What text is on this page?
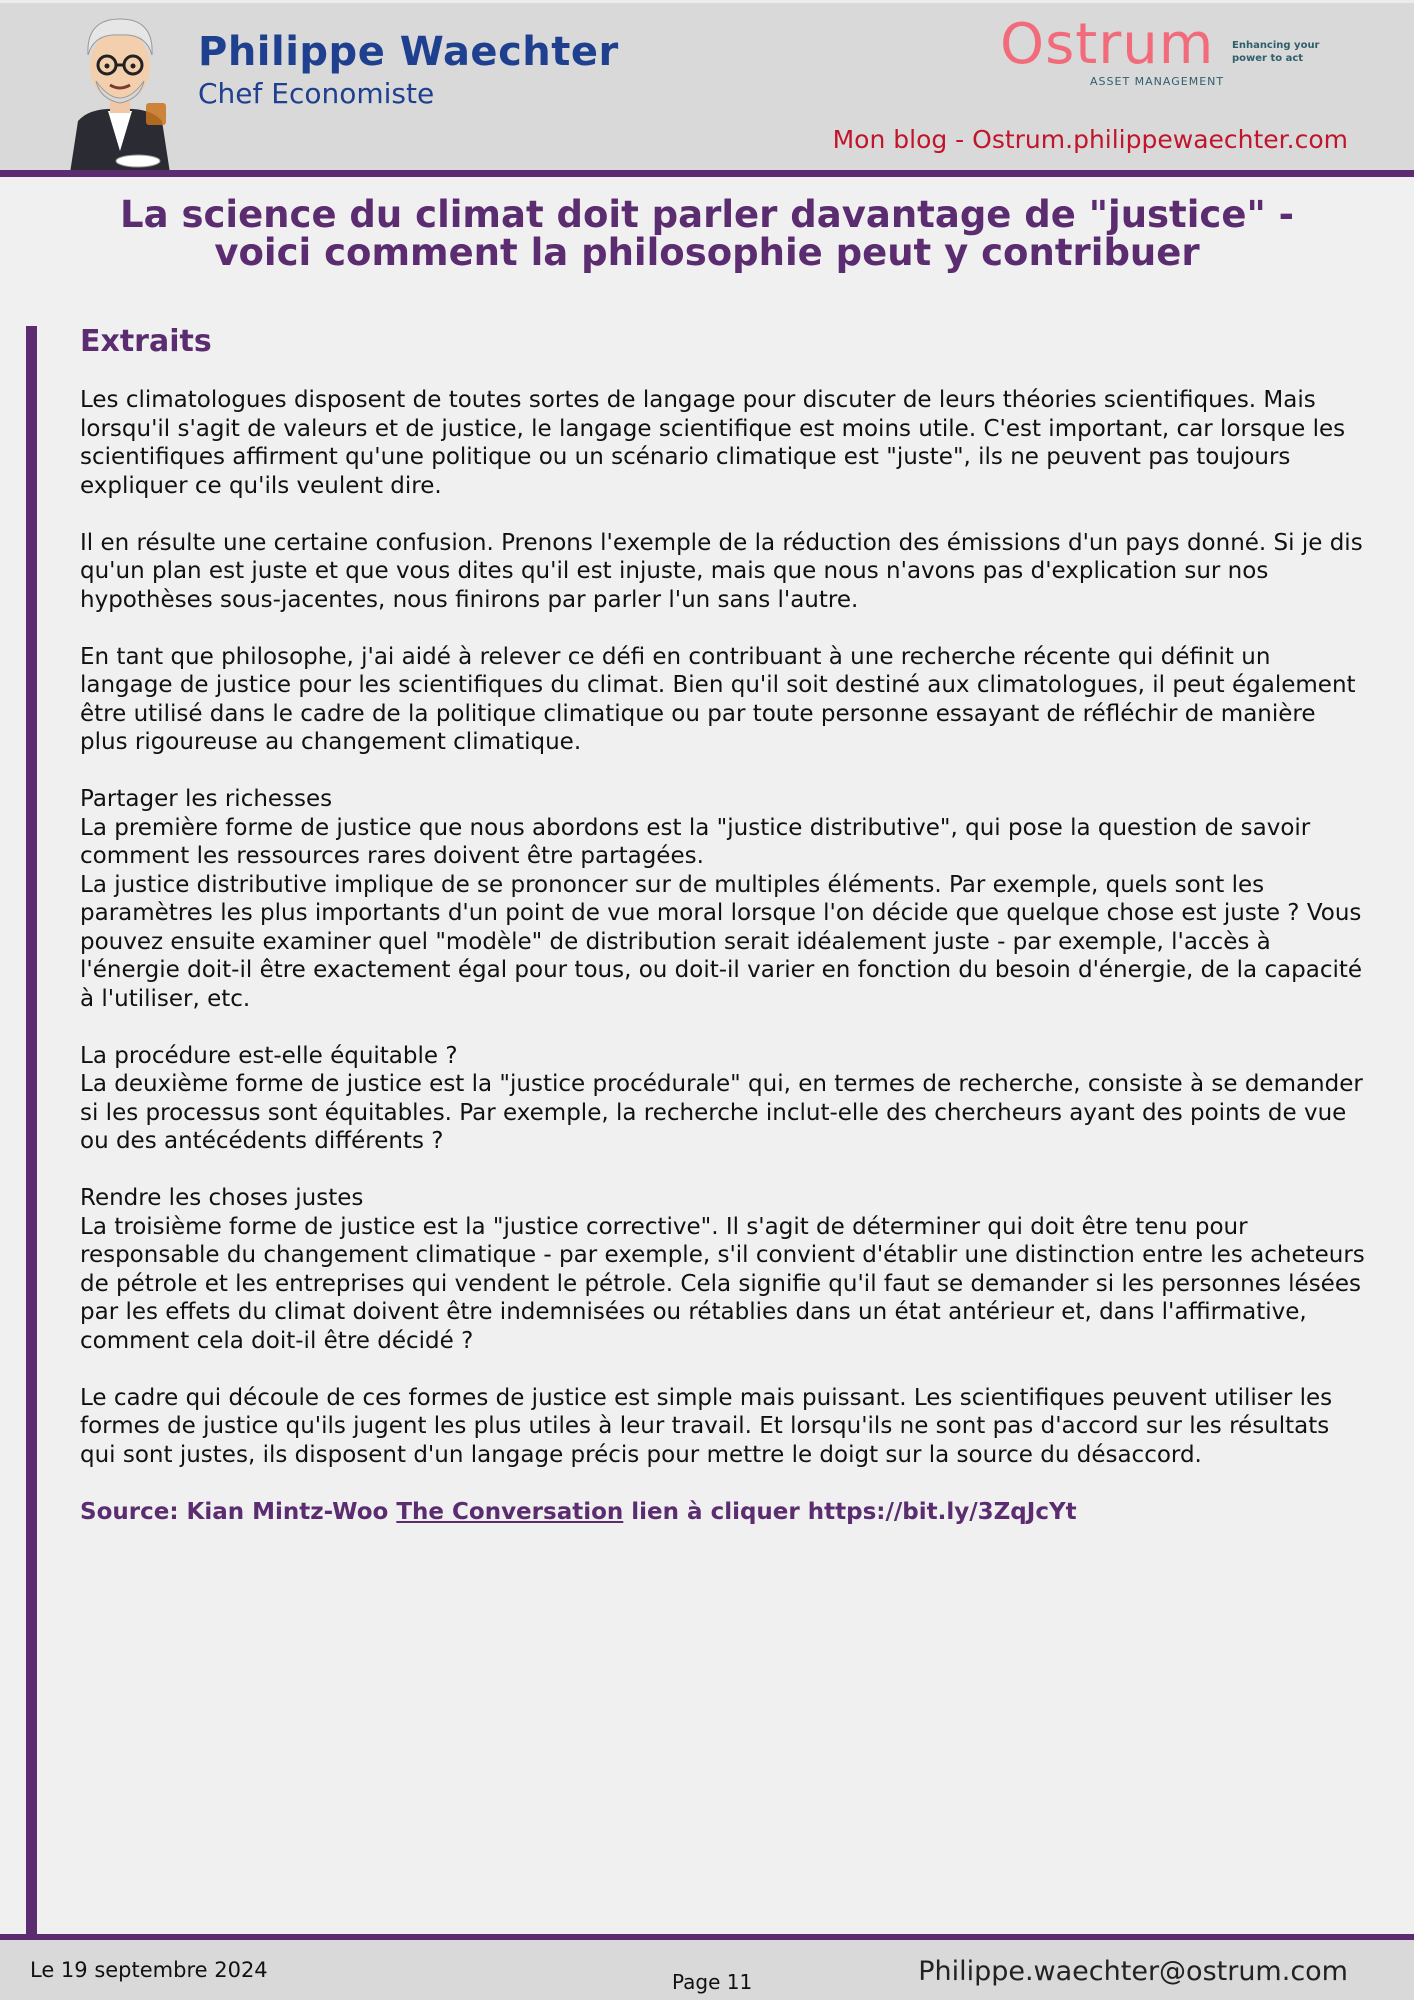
Philippe Waechter
Chef Economiste
Ostrum
ASSET MANAGEMENT
Enhancing your power to act
Mon blog - Ostrum.philippewaechter.com
La science du climat doit parler davantage de "justice" - voici comment la philosophie peut y contribuer
Extraits

Les climatologues disposent de toutes sortes de langage pour discuter de leurs théories scientifiques. Mais lorsqu'il s'agit de valeurs et de justice, le langage scientifique est moins utile. C'est important, car lorsque les scientifiques affirment qu'une politique ou un scénario climatique est "juste", ils ne peuvent pas toujours expliquer ce qu'ils veulent dire.

Il en résulte une certaine confusion. Prenons l'exemple de la réduction des émissions d'un pays donné. Si je dis qu'un plan est juste et que vous dites qu'il est injuste, mais que nous n'avons pas d'explication sur nos hypothèses sous-jacentes, nous finirons par parler l'un sans l'autre.

En tant que philosophe, j'ai aidé à relever ce défi en contribuant à une recherche récente qui définit un langage de justice pour les scientifiques du climat. Bien qu'il soit destiné aux climatologues, il peut également être utilisé dans le cadre de la politique climatique ou par toute personne essayant de réfléchir de manière plus rigoureuse au changement climatique.

Partager les richesses
La première forme de justice que nous abordons est la "justice distributive", qui pose la question de savoir comment les ressources rares doivent être partagées.
La justice distributive implique de se prononcer sur de multiples éléments. Par exemple, quels sont les paramètres les plus importants d'un point de vue moral lorsque l'on décide que quelque chose est juste ? Vous pouvez ensuite examiner quel "modèle" de distribution serait idéalement juste - par exemple, l'accès à l'énergie doit-il être exactement égal pour tous, ou doit-il varier en fonction du besoin d'énergie, de la capacité à l'utiliser, etc.

La procédure est-elle équitable ?
La deuxième forme de justice est la "justice procédurale" qui, en termes de recherche, consiste à se demander si les processus sont équitables. Par exemple, la recherche inclut-elle des chercheurs ayant des points de vue ou des antécédents différents ?

Rendre les choses justes
La troisième forme de justice est la "justice corrective". Il s'agit de déterminer qui doit être tenu pour responsable du changement climatique - par exemple, s'il convient d'établir une distinction entre les acheteurs de pétrole et les entreprises qui vendent le pétrole. Cela signifie qu'il faut se demander si les personnes lésées par les effets du climat doivent être indemnisées ou rétablies dans un état antérieur et, dans l'affirmative, comment cela doit-il être décidé ?

Le cadre qui découle de ces formes de justice est simple mais puissant. Les scientifiques peuvent utiliser les formes de justice qu'ils jugent les plus utiles à leur travail. Et lorsqu'ils ne sont pas d'accord sur les résultats qui sont justes, ils disposent d'un langage précis pour mettre le doigt sur la source du désaccord.

Source: Kian Mintz-Woo The Conversation lien à cliquer https://bit.ly/3ZqJcYt

Le 19 septembre 2024	Page 11	Philippe.waechter@ostrum.com
